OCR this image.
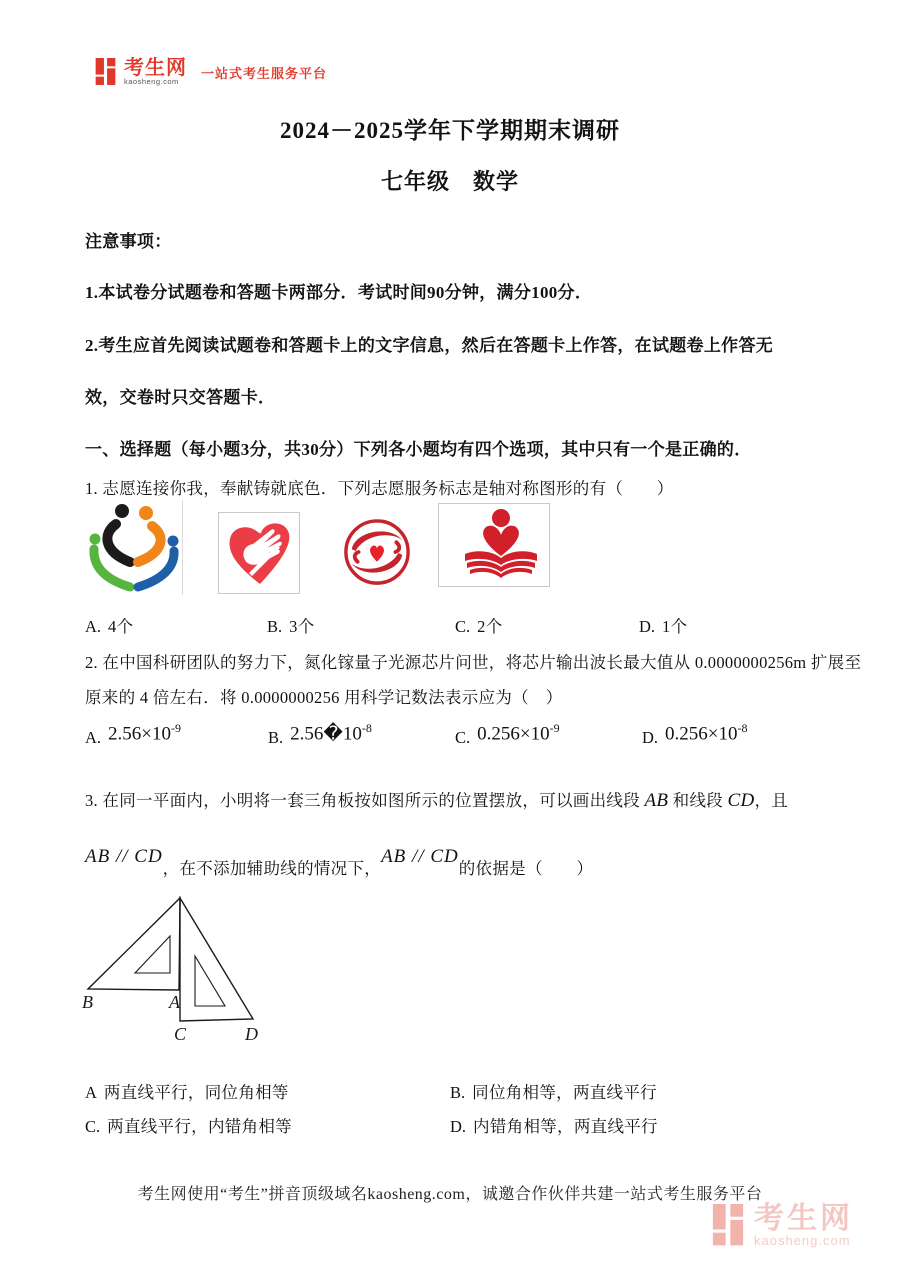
考生网
kaosheng.com
一站式考生服务平台
2024－2025学年下学期期末调研
七年级　数学
注意事项：
1.本试卷分试题卷和答题卡两部分．考试时间90分钟，满分100分．
2.考生应首先阅读试题卷和答题卡上的文字信息，然后在答题卡上作答，在试题卷上作答无
效，交卷时只交答题卡．
一、选择题（每小题3分，共30分）下列各小题均有四个选项，其中只有一个是正确的．
1. 志愿连接你我，奉献铸就底色．下列志愿服务标志是轴对称图形的有（　　）
A. 4个	B. 3个	C. 2个	D. 1个
2. 在中国科研团队的努力下，氮化镓量子光源芯片问世，将芯片输出波长最大值从 0.0000000256m 扩展至
原来的 4 倍左右．将 0.0000000256 用科学记数法表示应为（　）
A. $2.56\times 10^{-9}$
B. $2.56�10^{-8}$
C. $0.256\times 10^{-9}$
D. $0.256\times 10^{-8}$
3. 在同一平面内，小明将一套三角板按如图所示的位置摆放，可以画出线段 AB 和线段 CD，且
AB // CD，在不添加辅助线的情况下，AB // CD的依据是（　　）
B	A
C	D
A 两直线平行，同位角相等	B. 同位角相等，两直线平行
C. 两直线平行，内错角相等	D. 内错角相等，两直线平行
考生网使用“考生”拼音顶级域名kaosheng.com，诚邀合作伙伴共建一站式考生服务平台
考生网
kaosheng.com
